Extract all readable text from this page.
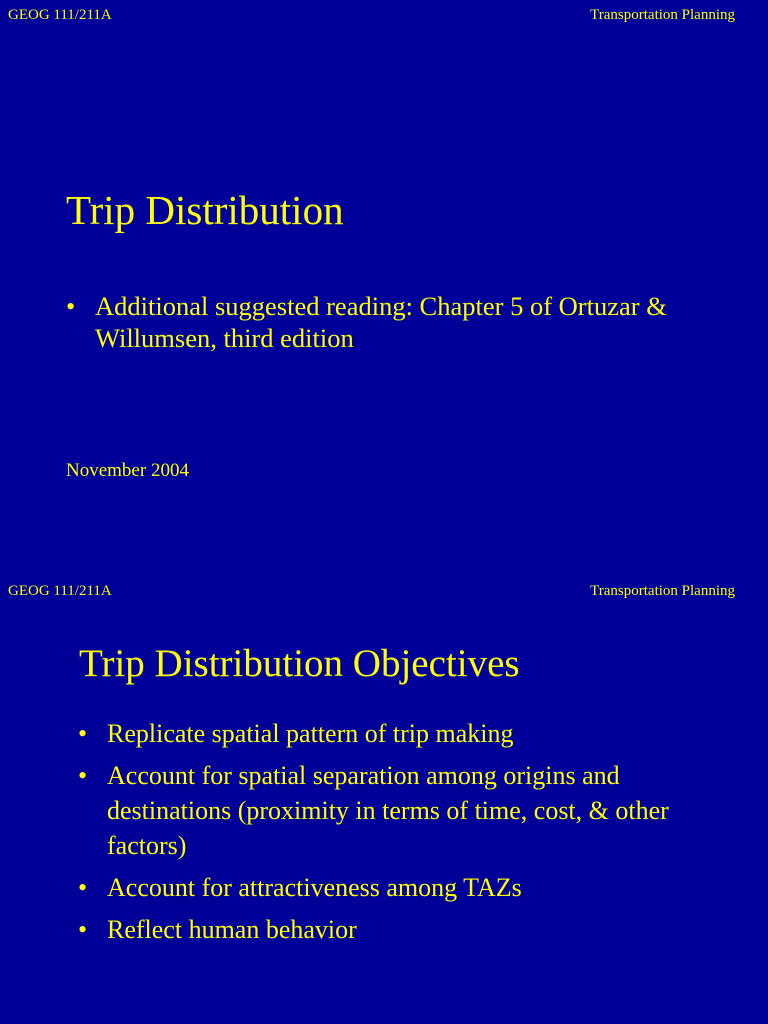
GEOG 111/211A	Transportation Planning
Trip Distribution
• Additional suggested reading: Chapter 5 of Ortuzar & Willumsen, third edition
November 2004
GEOG 111/211A	Transportation Planning
Trip Distribution Objectives
• Replicate spatial pattern of trip making
• Account for spatial separation among origins and destinations (proximity in terms of time, cost, & other factors)
• Account for attractiveness among TAZs
• Reflect human behavior
